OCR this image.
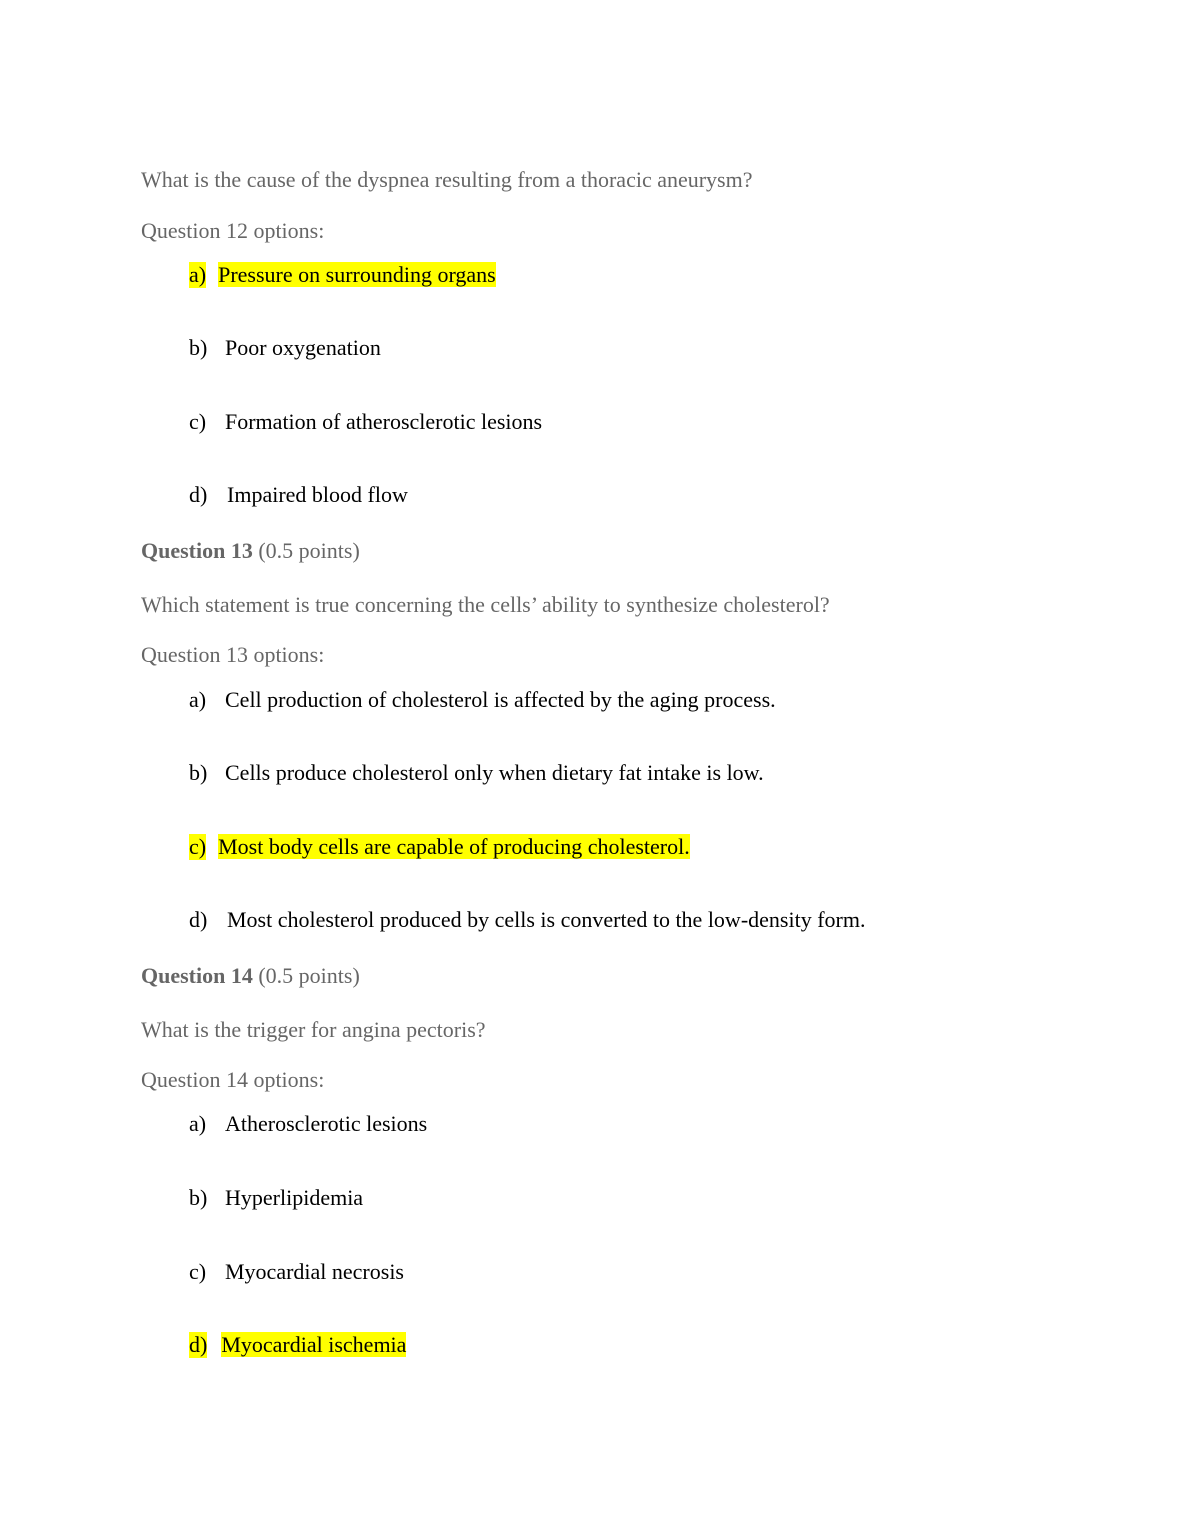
What is the cause of the dyspnea resulting from a thoracic aneurysm?
Question 12 options:
a) Pressure on surrounding organs
b) Poor oxygenation
c) Formation of atherosclerotic lesions
d) Impaired blood flow
Question 13 (0.5 points)
Which statement is true concerning the cells’ ability to synthesize cholesterol?
Question 13 options:
a) Cell production of cholesterol is affected by the aging process.
b) Cells produce cholesterol only when dietary fat intake is low.
c) Most body cells are capable of producing cholesterol.
d) Most cholesterol produced by cells is converted to the low-density form.
Question 14 (0.5 points)
What is the trigger for angina pectoris?
Question 14 options:
a) Atherosclerotic lesions
b) Hyperlipidemia
c) Myocardial necrosis
d) Myocardial ischemia
